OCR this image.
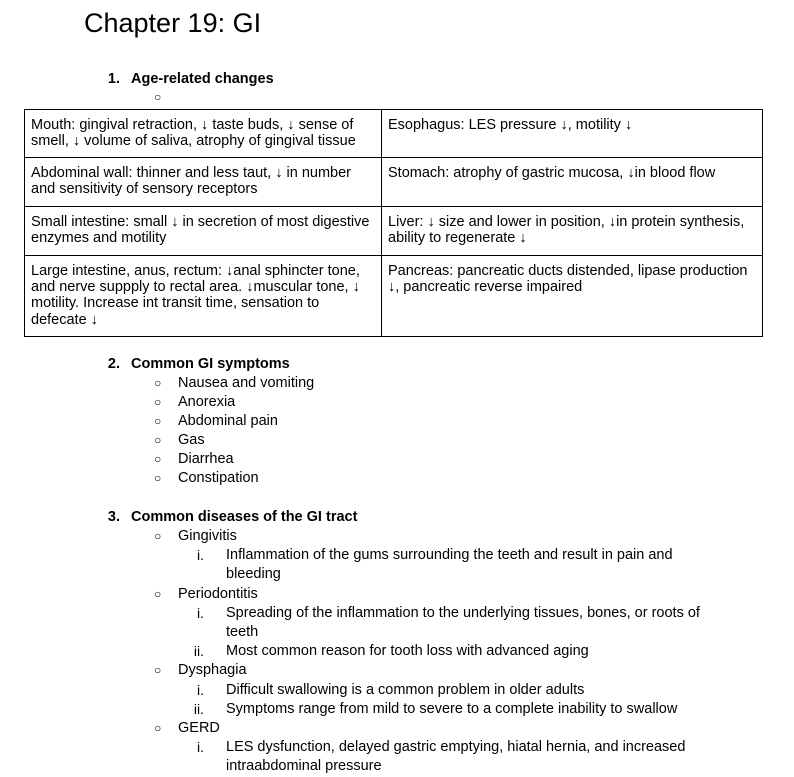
Chapter 19: GI
1. Age-related changes
○
Mouth: gingival retraction, ↓ taste buds, ↓ sense of smell, ↓ volume of saliva, atrophy of gingival tissue	Esophagus: LES pressure ↓, motility ↓
Abdominal wall: thinner and less taut, ↓ in number and sensitivity of sensory receptors	Stomach: atrophy of gastric mucosa, ↓in blood flow
Small intestine: small ↓ in secretion of most digestive enzymes and motility	Liver: ↓ size and lower in position, ↓in protein synthesis, ability to regenerate ↓
Large intestine, anus, rectum: ↓anal sphincter tone, and nerve suppply to rectal area. ↓muscular tone, ↓ motility. Increase int transit time, sensation to defecate ↓	Pancreas: pancreatic ducts distended, lipase production ↓, pancreatic reverse impaired
2. Common GI symptoms
○ Nausea and vomiting
○ Anorexia
○ Abdominal pain
○ Gas
○ Diarrhea
○ Constipation
3. Common diseases of the GI tract
○ Gingivitis
i. Inflammation of the gums surrounding the teeth and result in pain and bleeding
○ Periodontitis
i. Spreading of the inflammation to the underlying tissues, bones, or roots of teeth
ii. Most common reason for tooth loss with advanced aging
○ Dysphagia
i. Difficult swallowing is a common problem in older adults
ii. Symptoms range from mild to severe to a complete inability to swallow
○ GERD
i. LES dysfunction, delayed gastric emptying, hiatal hernia, and increased intraabdominal pressure
